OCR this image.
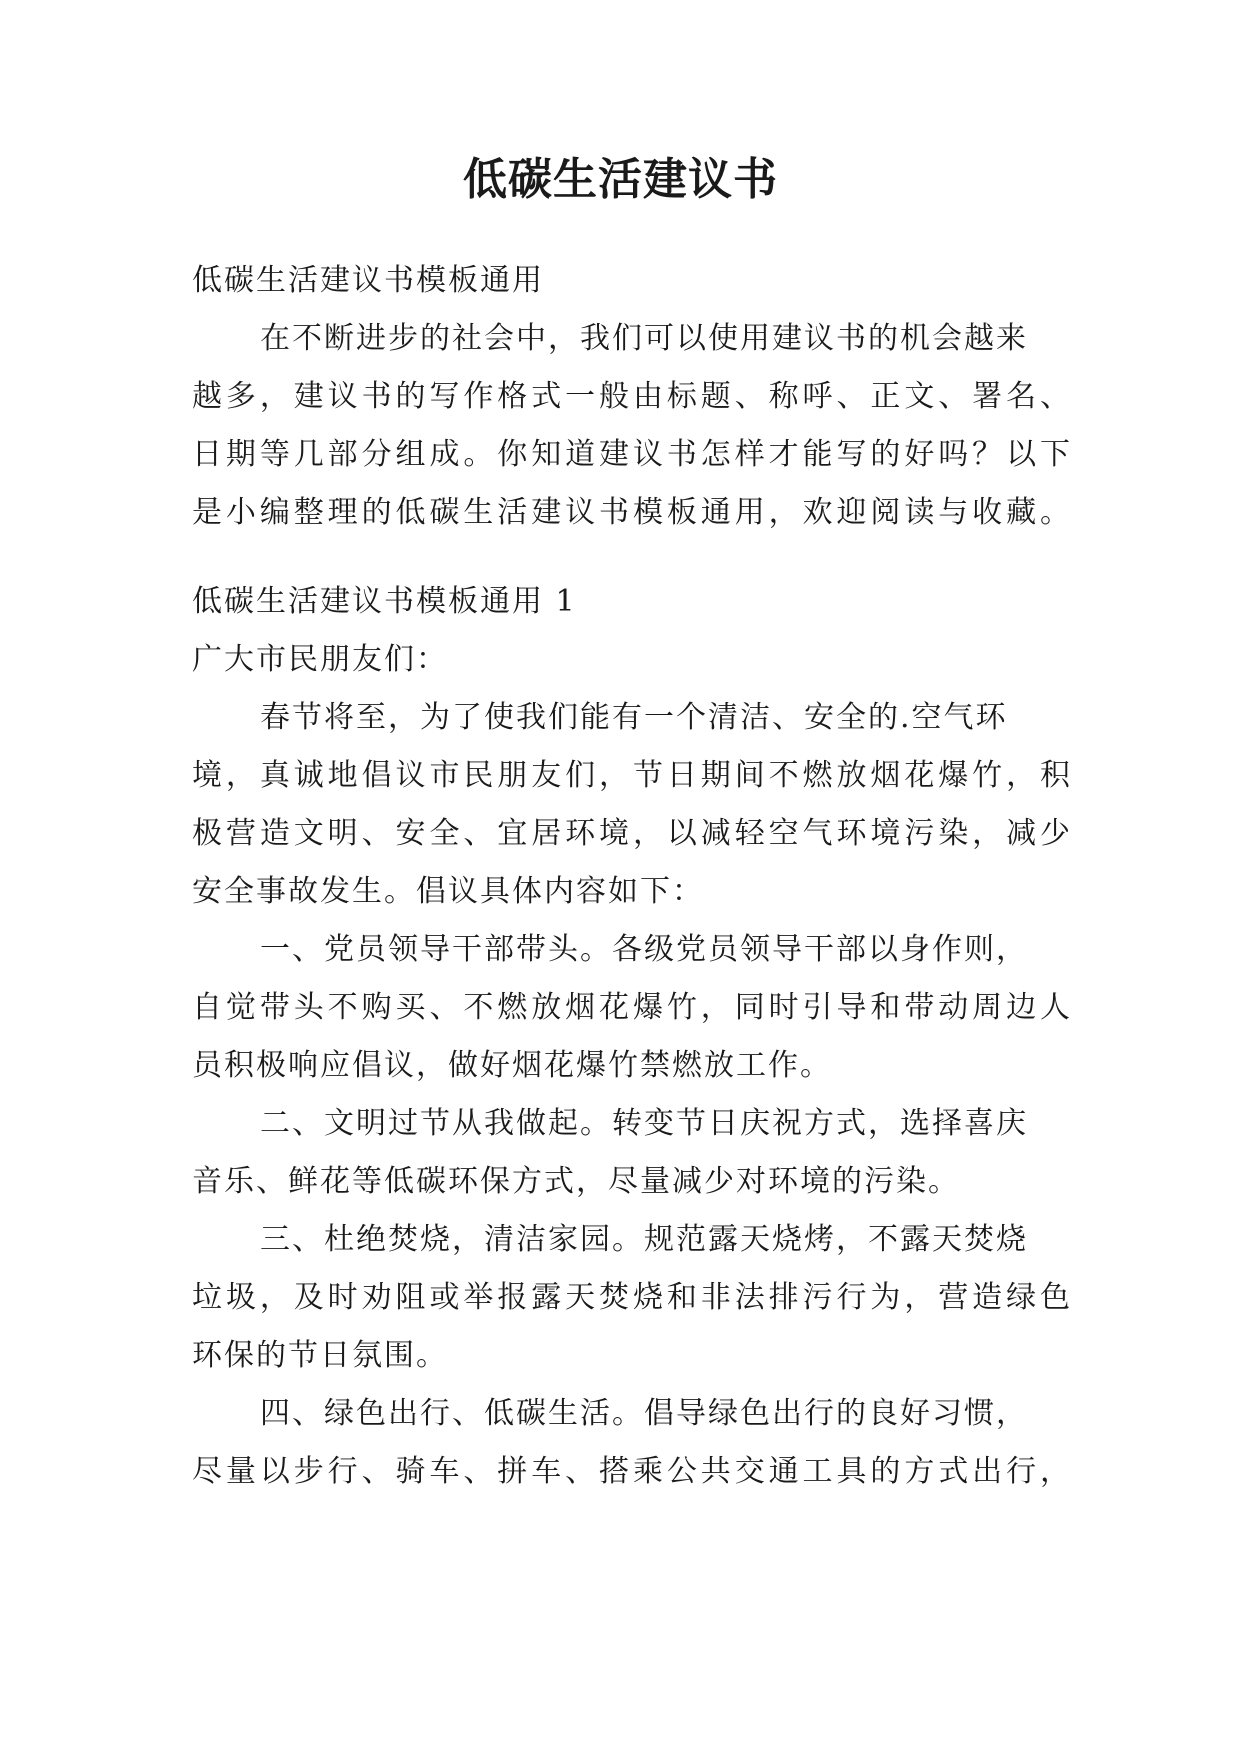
低碳生活建议书
低碳生活建议书模板通用
在不断进步的社会中，我们可以使用建议书的机会越来
越多，建议书的写作格式一般由标题、称呼、正文、署名、
日期等几部分组成。你知道建议书怎样才能写的好吗？以下
是小编整理的低碳生活建议书模板通用，欢迎阅读与收藏。
低碳生活建议书模板通用 1
广大市民朋友们：
春节将至，为了使我们能有一个清洁、安全的.空气环
境，真诚地倡议市民朋友们，节日期间不燃放烟花爆竹，积
极营造文明、安全、宜居环境，以减轻空气环境污染，减少
安全事故发生。倡议具体内容如下：
一、党员领导干部带头。各级党员领导干部以身作则，
自觉带头不购买、不燃放烟花爆竹，同时引导和带动周边人
员积极响应倡议，做好烟花爆竹禁燃放工作。
二、文明过节从我做起。转变节日庆祝方式，选择喜庆
音乐、鲜花等低碳环保方式，尽量减少对环境的污染。
三、杜绝焚烧，清洁家园。规范露天烧烤，不露天焚烧
垃圾，及时劝阻或举报露天焚烧和非法排污行为，营造绿色
环保的节日氛围。
四、绿色出行、低碳生活。倡导绿色出行的良好习惯，
尽量以步行、骑车、拼车、搭乘公共交通工具的方式出行，
